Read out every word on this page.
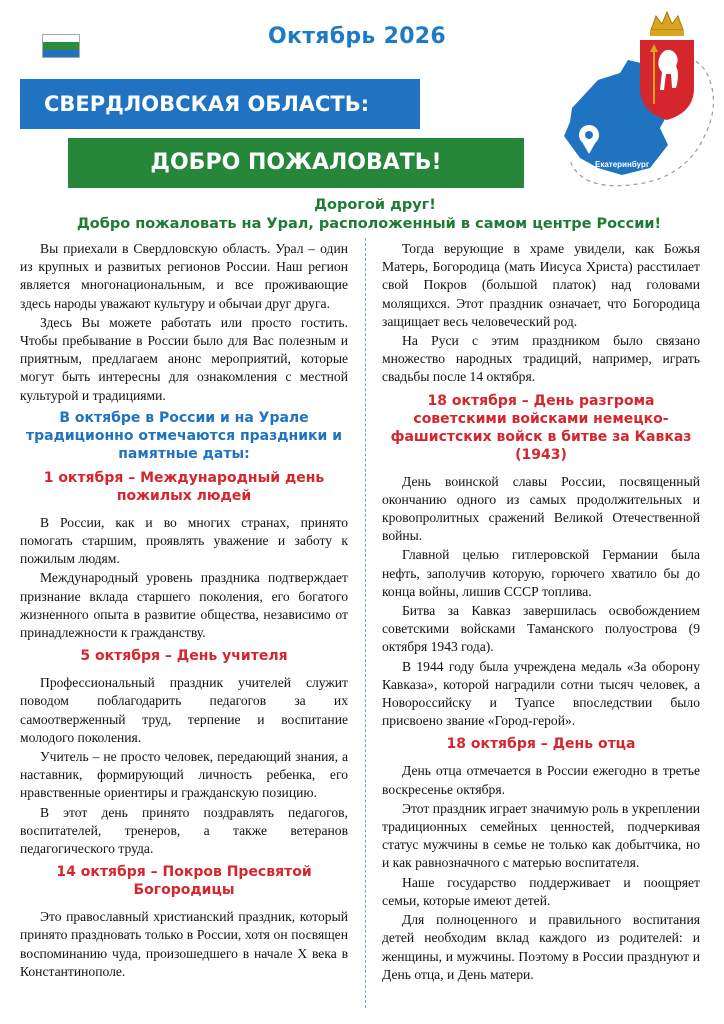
Октябрь 2026
Екатеринбург
СВЕРДЛОВСКАЯ ОБЛАСТЬ:
ДОБРО ПОЖАЛОВАТЬ!
Дорогой друг!
Добро пожаловать на Урал, расположенный в самом центре России!

Вы приехали в Свердловскую область. Урал – один из крупных и развитых регионов России. Наш регион является многонациональным, и все проживающие здесь народы уважают культуру и обычаи друг друга.

Здесь Вы можете работать или просто гостить. Чтобы пребывание в России было для Вас полезным и приятным, предлагаем анонс мероприятий, которые могут быть интересны для ознакомления с местной культурой и традициями.

В октябре в России и на Урале традиционно отмечаются праздники и памятные даты:
1 октября – Международный день пожилых людей

В России, как и во многих странах, принято помогать старшим, проявлять уважение и заботу к пожилым людям.

Международный уровень праздника подтверждает признание вклада старшего поколения, его богатого жизненного опыта в развитие общества, независимо от принадлежности к гражданству.

5 октября – День учителя

Профессиональный праздник учителей служит поводом поблагодарить педагогов за их самоотверженный труд, терпение и воспитание молодого поколения.

Учитель – не просто человек, передающий знания, а наставник, формирующий личность ребенка, его нравственные ориентиры и гражданскую позицию.

В этот день принято поздравлять педагогов, воспитателей, тренеров, а также ветеранов педагогического труда.

14 октября – Покров Пресвятой Богородицы

Это православный христианский праздник, который принято праздновать только в России, хотя он посвящен воспоминанию чуда, произошедшего в начале X века в Константинополе.

Тогда верующие в храме увидели, как Божья Матерь, Богородица (мать Иисуса Христа) расстилает свой Покров (большой платок) над головами молящихся. Этот праздник означает, что Богородица защищает весь человеческий род.

На Руси с этим праздником было связано множество народных традиций, например, играть свадьбы после 14 октября.

18 октября – День разгрома советскими войсками немецко-фашистских войск в битве за Кавказ (1943)

День воинской славы России, посвященный окончанию одного из самых продолжительных и кровопролитных сражений Великой Отечественной войны.

Главной целью гитлеровской Германии была нефть, заполучив которую, горючего хватило бы до конца войны, лишив СССР топлива.

Битва за Кавказ завершилась освобождением советскими войсками Таманского полуострова (9 октября 1943 года).

В 1944 году была учреждена медаль «За оборону Кавказа», которой наградили сотни тысяч человек, а Новороссийску и Туапсе впоследствии было присвоено звание «Город-герой».

18 октября – День отца

День отца отмечается в России ежегодно в третье воскресенье октября.

Этот праздник играет значимую роль в укреплении традиционных семейных ценностей, подчеркивая статус мужчины в семье не только как добытчика, но и как равнозначного с матерью воспитателя.

Наше государство поддерживает и поощряет семьи, которые имеют детей.

Для полноценного и правильного воспитания детей необходим вклад каждого из родителей: и женщины, и мужчины. Поэтому в России празднуют и День отца, и День матери.
